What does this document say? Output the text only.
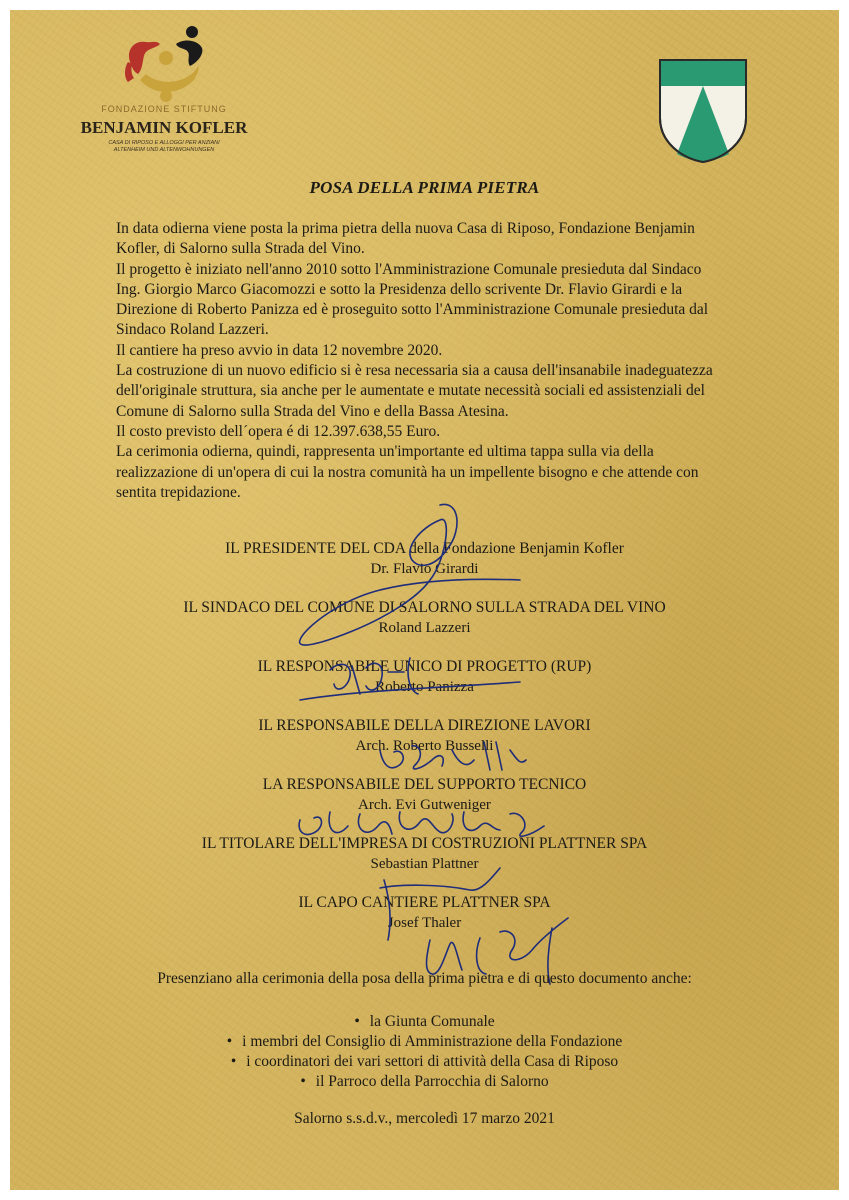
FONDAZIONE STIFTUNG
BENJAMIN KOFLER
CASA DI RIPOSO E ALLOGGI PER ANZIANI
ALTENHEIM UND ALTENWOHNUNGEN
POSA DELLA PRIMA PIETRA
In data odierna viene posta la prima pietra della nuova Casa di Riposo, Fondazione Benjamin
Kofler, di Salorno sulla Strada del Vino.
Il progetto è iniziato nell'anno 2010 sotto l'Amministrazione Comunale presieduta dal Sindaco
Ing. Giorgio Marco Giacomozzi e sotto la Presidenza dello scrivente Dr. Flavio Girardi e la
Direzione di Roberto Panizza ed è proseguito sotto l'Amministrazione Comunale presieduta dal
Sindaco Roland Lazzeri.
Il cantiere ha preso avvio in data 12 novembre 2020.
La costruzione di un nuovo edificio si è resa necessaria sia a causa dell'insanabile inadeguatezza
dell'originale struttura, sia anche per le aumentate e mutate necessità sociali ed assistenziali del
Comune di Salorno sulla Strada del Vino e della Bassa Atesina.
Il costo previsto dell´opera é di 12.397.638,55 Euro.
La cerimonia odierna, quindi, rappresenta un'importante ed ultima tappa sulla via della
realizzazione di un'opera di cui la nostra comunità ha un impellente bisogno e che attende con
sentita trepidazione.
IL PRESIDENTE DEL CDA della Fondazione Benjamin Kofler
Dr. Flavio Girardi
IL SINDACO DEL COMUNE DI SALORNO SULLA STRADA DEL VINO
Roland Lazzeri
IL RESPONSABILE UNICO DI PROGETTO (RUP)
Roberto Panizza
IL RESPONSABILE DELLA DIREZIONE LAVORI
Arch. Roberto Busselli
LA RESPONSABILE DEL SUPPORTO TECNICO
Arch. Evi Gutweniger
IL TITOLARE DELL'IMPRESA DI COSTRUZIONI PLATTNER SPA
Sebastian Plattner
IL CAPO CANTIERE PLATTNER SPA
Josef Thaler
Presenziano alla cerimonia della posa della prima pietra e di questo documento anche:
• la Giunta Comunale
• i membri del Consiglio di Amministrazione della Fondazione
• i coordinatori dei vari settori di attività della Casa di Riposo
• il Parroco della Parrocchia di Salorno
Salorno s.s.d.v., mercoledì 17 marzo 2021
